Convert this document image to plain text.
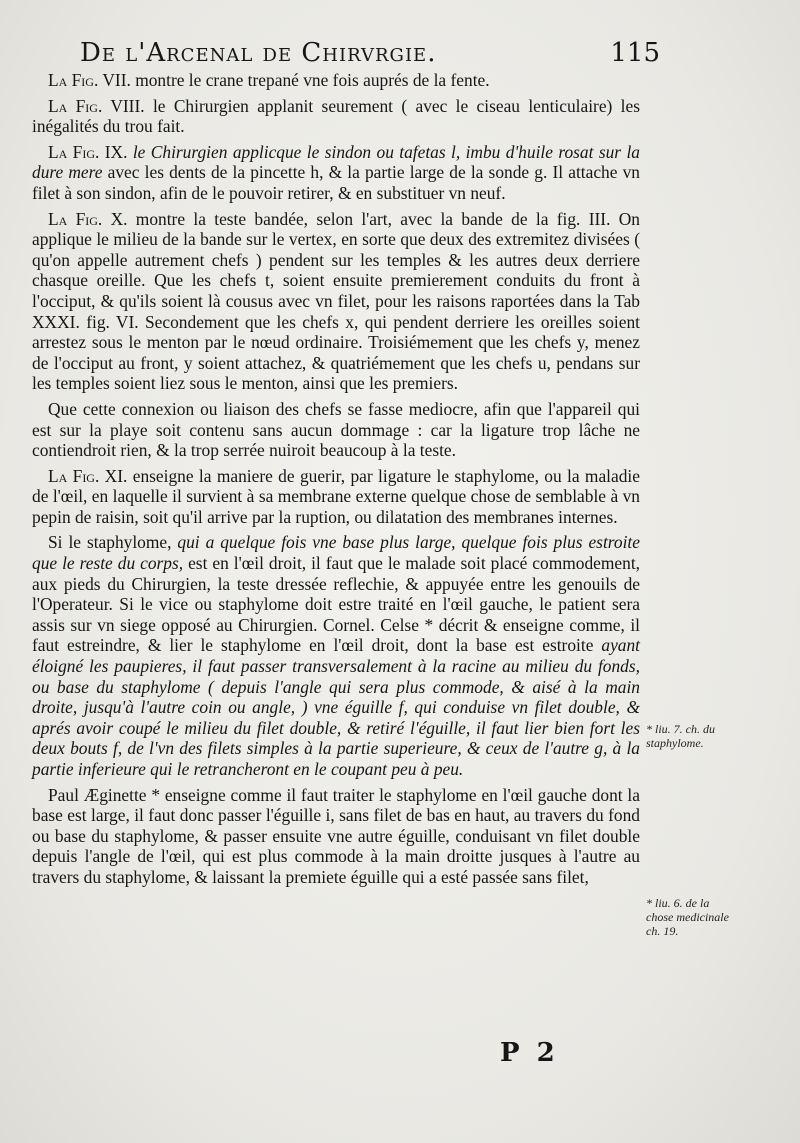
De l'Arcenal de Chirvrgie.	115

La Fig. VII. montre le crane trepané vne fois auprés de la fente.

La Fig. VIII. le Chirurgien applanit seurement ( avec le ciseau lenticulaire) les inégalités du trou fait.

La Fig. IX. le Chirurgien applicque le sindon ou tafetas l, imbu d'huile rosat sur la dure mere avec les dents de la pincette h, & la partie large de la sonde g. Il attache vn filet à son sindon, afin de le pouvoir retirer, & en substituer vn neuf.

La Fig. X. montre la teste bandée, selon l'art, avec la bande de la fig. III. On applique le milieu de la bande sur le vertex, en sorte que deux des extremitez divisées ( qu'on appelle autrement chefs ) pendent sur les temples & les autres deux derriere chasque oreille. Que les chefs t, soient ensuite premierement conduits du front à l'occiput, & qu'ils soient là cousus avec vn filet, pour les raisons raportées dans la Tab XXXI. fig. VI. Secondement que les chefs x, qui pendent derriere les oreilles soient arrestez sous le menton par le nœud ordinaire. Troisiémement que les chefs y, menez de l'occiput au front, y soient attachez, & quatriémement que les chefs u, pendans sur les temples soient liez sous le menton, ainsi que les premiers.

Que cette connexion ou liaison des chefs se fasse mediocre, afin que l'appareil qui est sur la playe soit contenu sans aucun dommage : car la ligature trop lâche ne contiendroit rien, & la trop serrée nuiroit beaucoup à la teste.

La Fig. XI. enseigne la maniere de guerir, par ligature le staphylome, ou la maladie de l'œil, en laquelle il survient à sa membrane externe quelque chose de semblable à vn pepin de raisin, soit qu'il arrive par la ruption, ou dilatation des membranes internes.

Si le staphylome, qui a quelque fois vne base plus large, quelque fois plus estroite que le reste du corps, est en l'œil droit, il faut que le malade soit placé commodement, aux pieds du Chirurgien, la teste dressée reflechie, & appuyée entre les genouils de l'Operateur. Si le vice ou staphylome doit estre traité en l'œil gauche, le patient sera assis sur vn siege opposé au Chirurgien. Cornel. Celse * décrit & enseigne comme, il faut estreindre, & lier le staphylome en l'œil droit, dont la base est estroite ayant éloigné les paupieres, il faut passer transversalement à la racine au milieu du fonds, ou base du staphylome ( depuis l'angle qui sera plus commode, & aisé à la main droite, jusqu'à l'autre coin ou angle, ) vne éguille f, qui conduise vn filet double, & aprés avoir coupé le milieu du filet double, & retiré l'éguille, il faut lier bien fort les deux bouts f, de l'vn des filets simples à la partie superieure, & ceux de l'autre g, à la partie inferieure qui le retrancheront en le coupant peu à peu.

Paul Æginette * enseigne comme il faut traiter le staphylome en l'œil gauche dont la base est large, il faut donc passer l'éguille i, sans filet de bas en haut, au travers du fond ou base du staphylome, & passer ensuite vne autre éguille, conduisant vn filet double depuis l'angle de l'œil, qui est plus commode à la main droitte jusques à l'autre au travers du staphylome, & laissant la premiete éguille qui a esté passée sans filet,

* liu. 7. ch. du staphylome.
* liu. 6. de la chose medicinale ch. 19.
P 2
